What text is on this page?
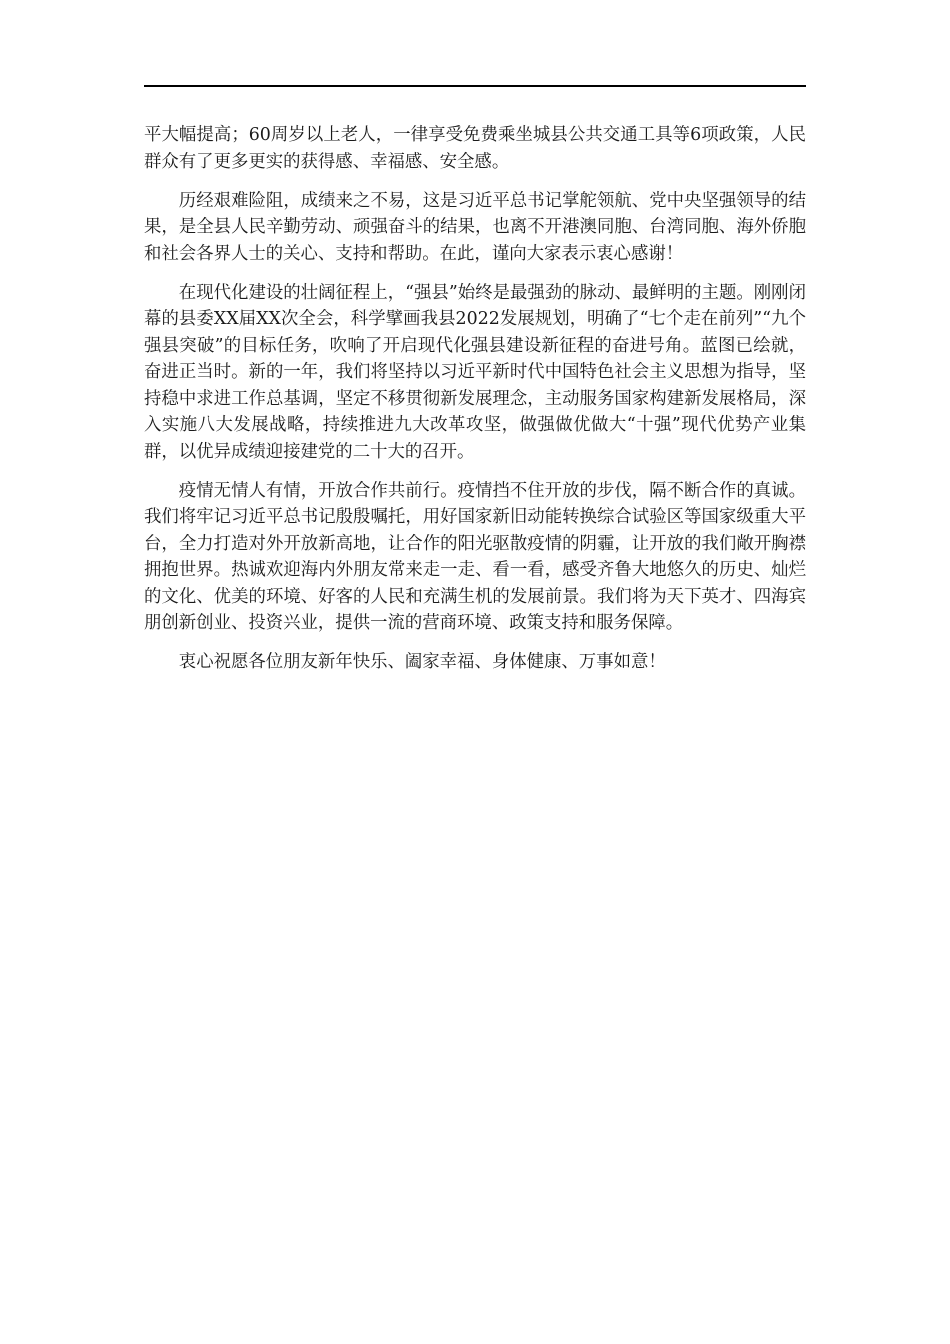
平大幅提高；60周岁以上老人，一律享受免费乘坐城县公共交通工具等6项政策，人民群众有了更多更实的获得感、幸福感、安全感。

历经艰难险阻，成绩来之不易，这是习近平总书记掌舵领航、党中央坚强领导的结果，是全县人民辛勤劳动、顽强奋斗的结果，也离不开港澳同胞、台湾同胞、海外侨胞和社会各界人士的关心、支持和帮助。在此，谨向大家表示衷心感谢！

在现代化建设的壮阔征程上，“强县”始终是最强劲的脉动、最鲜明的主题。刚刚闭幕的县委XX届XX次全会，科学擘画我县2022发展规划，明确了“七个走在前列”“九个强县突破”的目标任务，吹响了开启现代化强县建设新征程的奋进号角。蓝图已绘就，奋进正当时。新的一年，我们将坚持以习近平新时代中国特色社会主义思想为指导，坚持稳中求进工作总基调，坚定不移贯彻新发展理念，主动服务国家构建新发展格局，深入实施八大发展战略，持续推进九大改革攻坚，做强做优做大“十强”现代优势产业集群，以优异成绩迎接建党的二十大的召开。

疫情无情人有情，开放合作共前行。疫情挡不住开放的步伐，隔不断合作的真诚。我们将牢记习近平总书记殷殷嘱托，用好国家新旧动能转换综合试验区等国家级重大平台，全力打造对外开放新高地，让合作的阳光驱散疫情的阴霾，让开放的我们敞开胸襟拥抱世界。热诚欢迎海内外朋友常来走一走、看一看，感受齐鲁大地悠久的历史、灿烂的文化、优美的环境、好客的人民和充满生机的发展前景。我们将为天下英才、四海宾朋创新创业、投资兴业，提供一流的营商环境、政策支持和服务保障。

衷心祝愿各位朋友新年快乐、阖家幸福、身体健康、万事如意！
